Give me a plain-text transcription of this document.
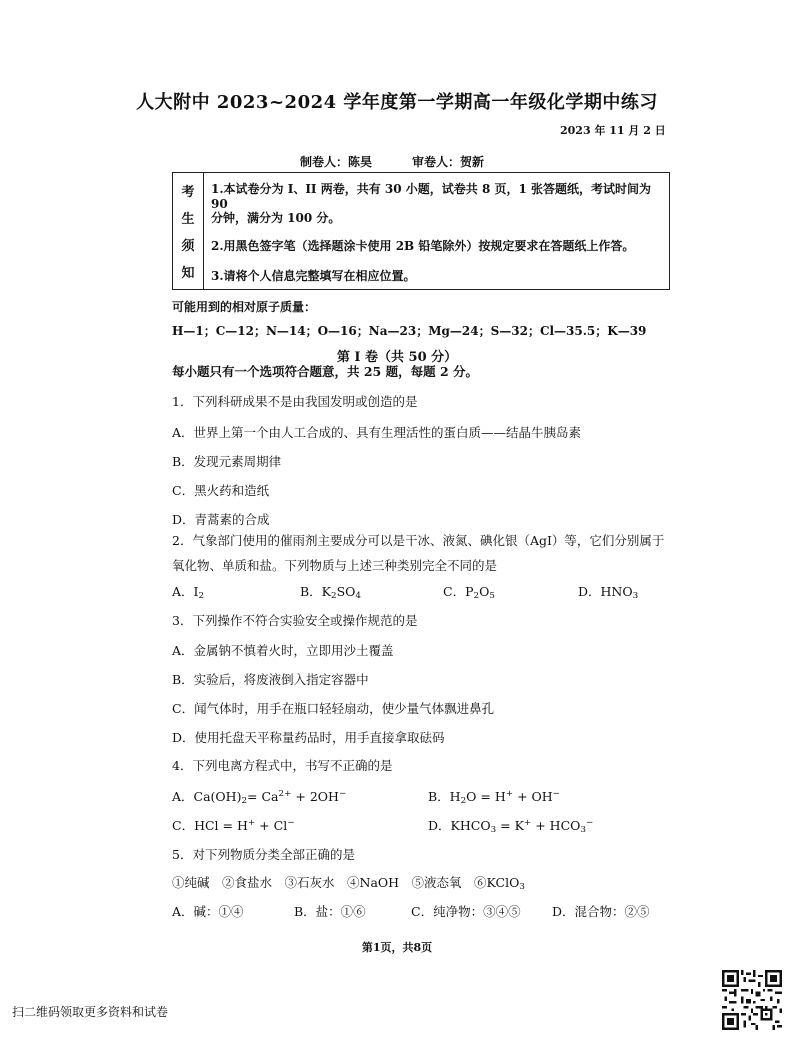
人大附中 2023~2024 学年度第一学期高一年级化学期中练习
2023 年 11 月 2 日
制卷人：陈昊	审卷人：贺新
考
生
须
知
1.本试卷分为 I、II 两卷，共有 30 小题，试卷共 8 页，1 张答题纸，考试时间为 90
分钟，满分为 100 分。
2.用黑色签字笔（选择题涂卡使用 2B 铅笔除外）按规定要求在答题纸上作答。
3.请将个人信息完整填写在相应位置。
可能用到的相对原子质量：
H—1；C—12；N—14；O—16；Na—23；Mg—24；S—32；Cl—35.5；K—39
第 I 卷（共 50 分）
每小题只有一个选项符合题意，共 25 题，每题 2 分。
1．下列科研成果不是由我国发明或创造的是
A．世界上第一个由人工合成的、具有生理活性的蛋白质——结晶牛胰岛素
B．发现元素周期律
C．黑火药和造纸
D．青蒿素的合成
2．气象部门使用的催雨剂主要成分可以是干冰、液氮、碘化银（AgI）等，它们分别属于
氧化物、单质和盐。下列物质与上述三种类别完全不同的是
A．$I_2$	B．$K_2SO_4$	C．$P_2O_5$	D．$HNO_3$
3．下列操作不符合实验安全或操作规范的是
A．金属钠不慎着火时，立即用沙土覆盖
B．实验后，将废液倒入指定容器中
C．闻气体时，用手在瓶口轻轻扇动，使少量气体飘进鼻孔
D．使用托盘天平称量药品时，用手直接拿取砝码
4．下列电离方程式中，书写不正确的是
A．$Ca(OH)_2= Ca^{2+} + 2OH^-$	B．$H_2O = H^+ + OH^-$
C．HCl = H+ + Cl−	D．$KHCO_3 = K^+ + HCO_3^-$
5．对下列物质分类全部正确的是
①纯碱　②食盐水　③石灰水　④NaOH　⑤液态氧　⑥KClO$_3$
A．碱：①④	B．盐：①⑥	C．纯净物：③④⑤	D．混合物：②⑤
第1页，共8页
扫二维码领取更多资料和试卷
